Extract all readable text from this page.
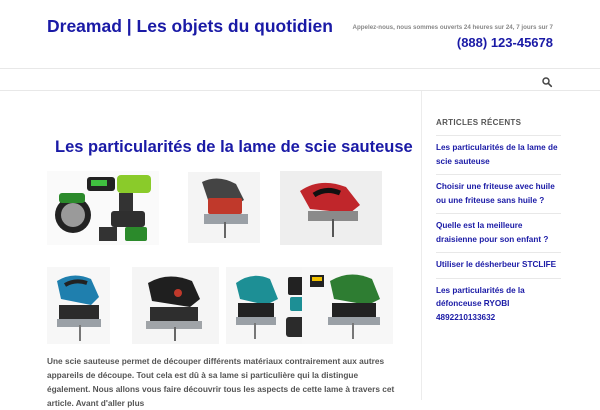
Dreamad | Les objets du quotidien	Appelez-nous, nous sommes ouverts 24 heures sur 24, 7 jours sur 7
(888) 123-45678
Les particularités de la lame de scie sauteuse

Une scie sauteuse permet de découper différents matériaux contrairement aux autres appareils de découpe. Tout cela est dû à sa lame si particulière qui la distingue également. Nous allons vous faire découvrir tous les aspects de cette lame à travers cet article. Avant d'aller plus

ARTICLES RÉCENTS
Les particularités de la lame de scie sauteuse
Choisir une friteuse avec huile ou une friteuse sans huile ?
Quelle est la meilleure draisienne pour son enfant ?
Utiliser le désherbeur STCLIFE
Les particularités de la défonceuse RYOBI 4892210133632
